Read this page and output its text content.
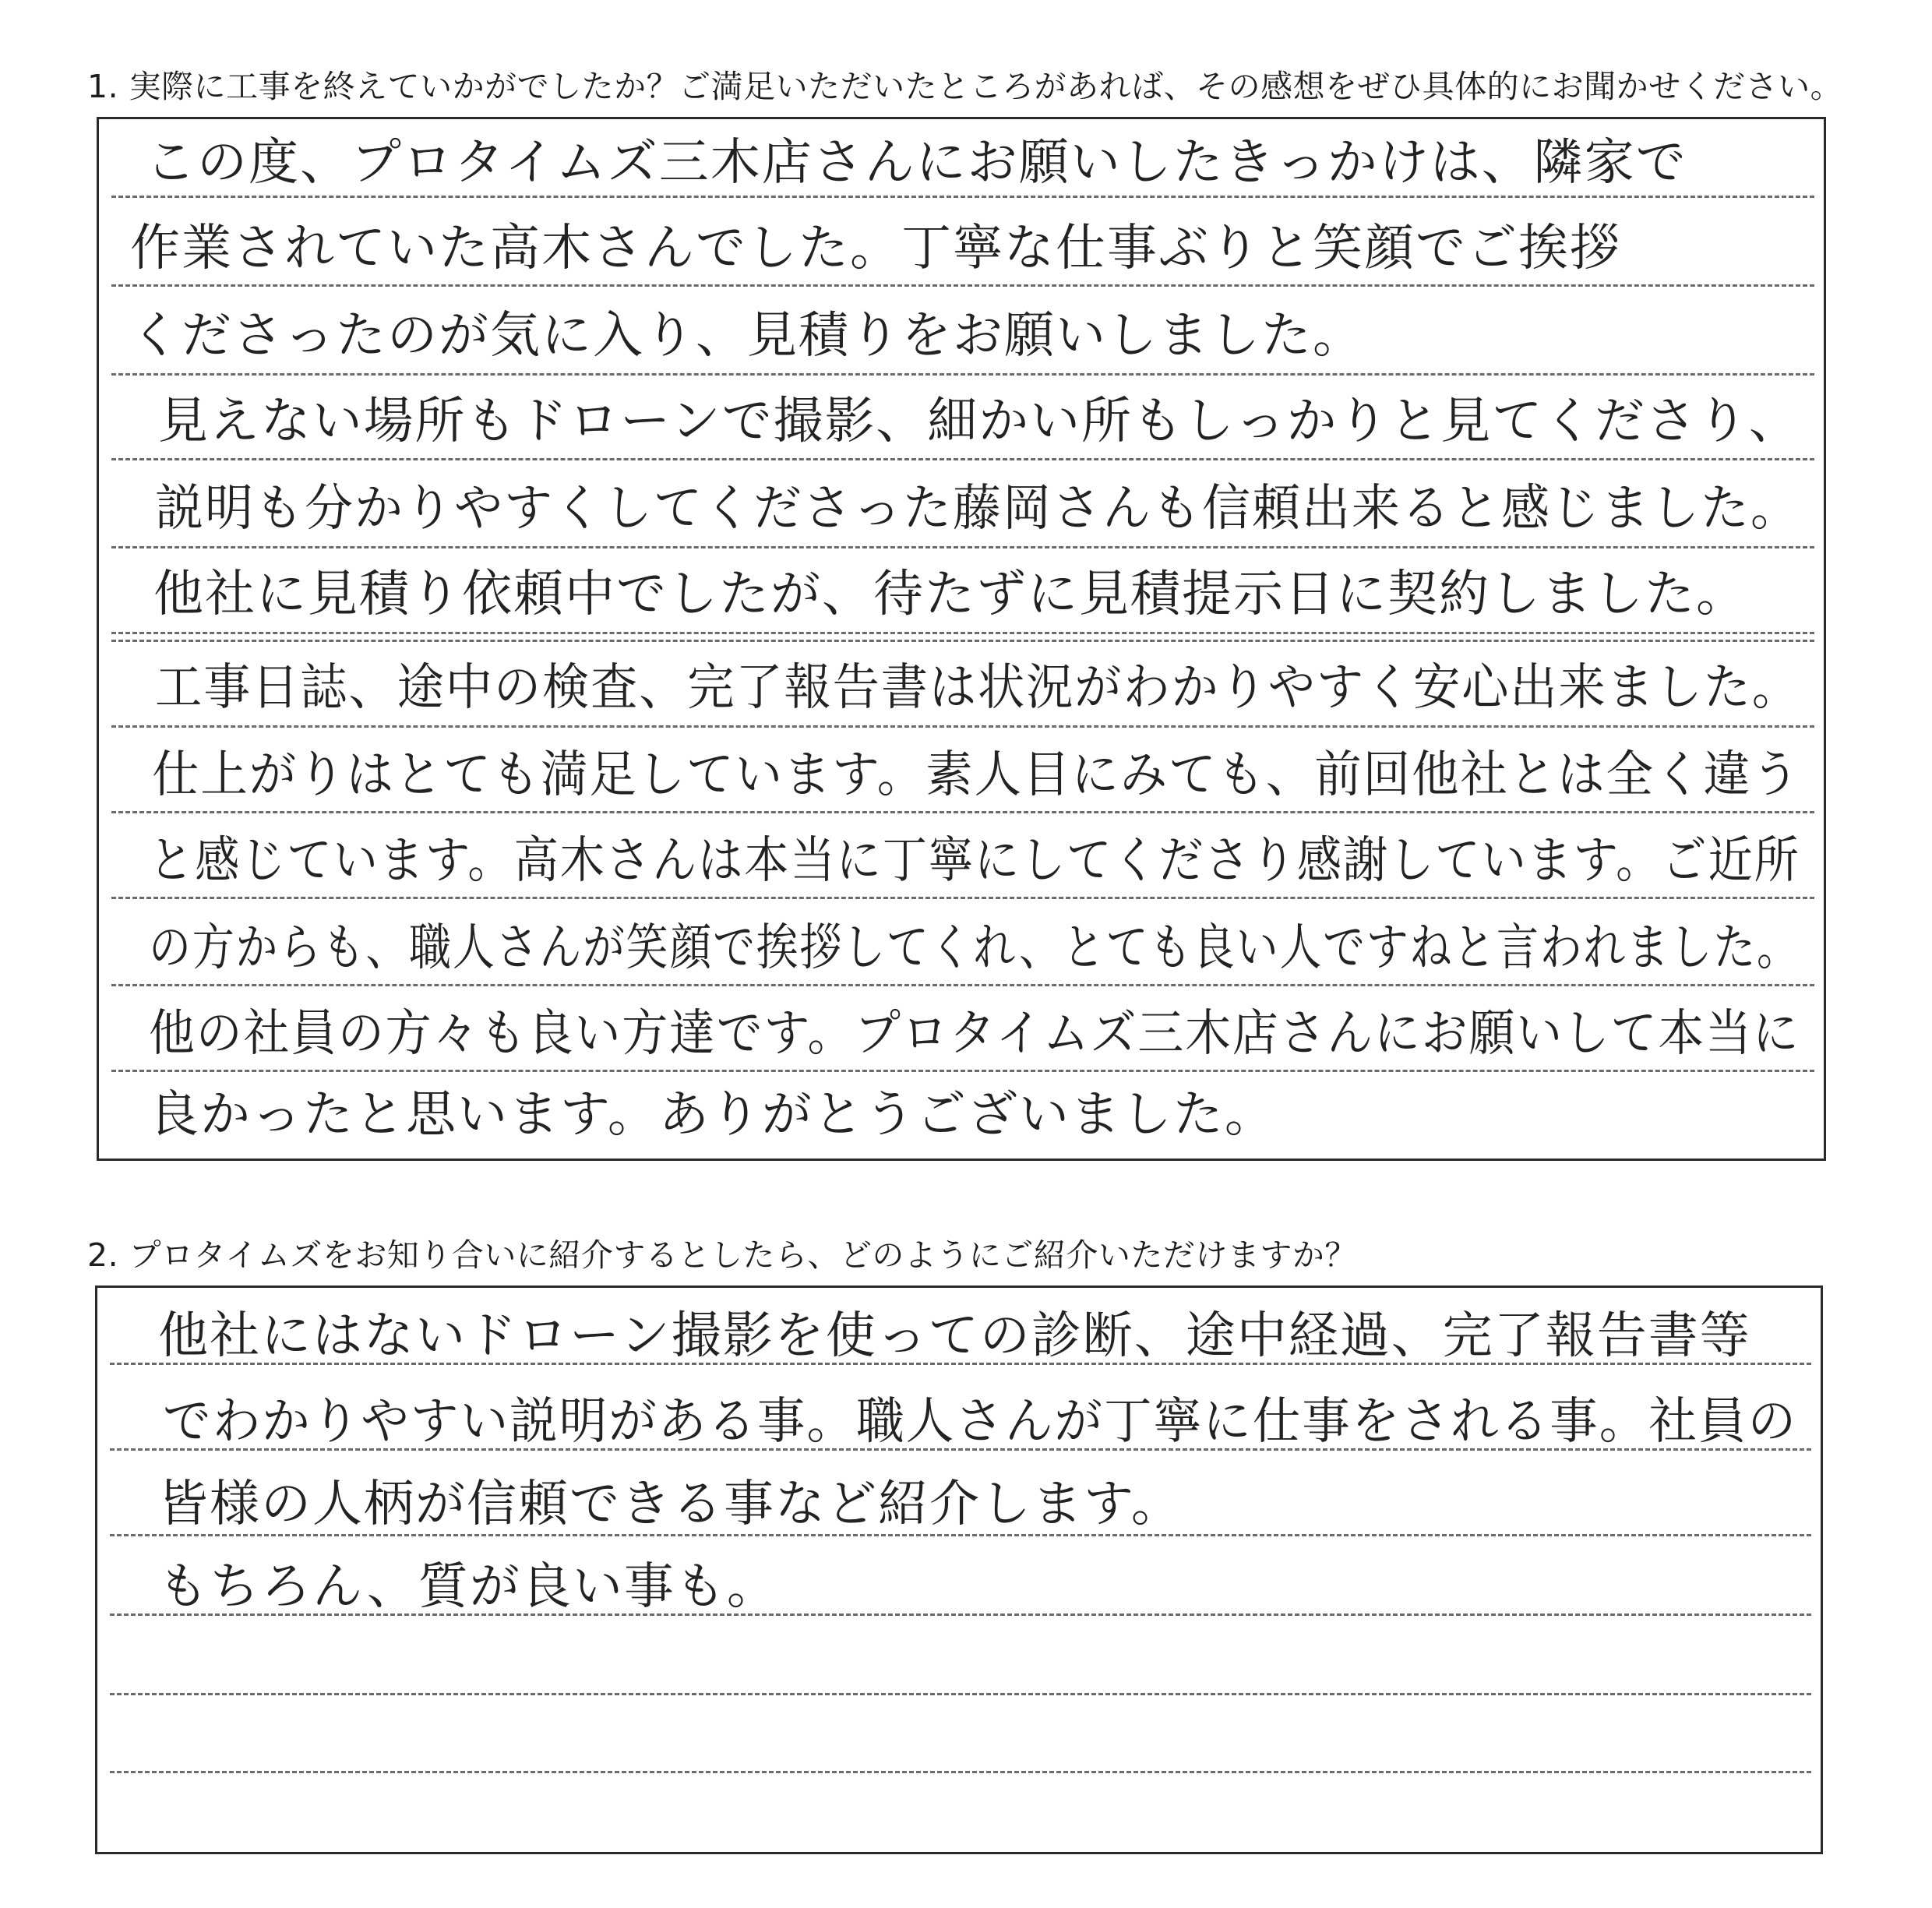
1. 実際に工事を終えていかがでしたか？ご満足いただいたところがあれば、その感想をぜひ具体的にお聞かせください。
この度、プロタイムズ三木店さんにお願いしたきっかけは、隣家で
作業されていた高木さんでした。丁寧な仕事ぶりと笑顔でご挨拶
くださったのが気に入り、見積りをお願いしました。
見えない場所もドローンで撮影、細かい所もしっかりと見てくださり、
説明も分かりやすくしてくださった藤岡さんも信頼出来ると感じました。
他社に見積り依頼中でしたが、待たずに見積提示日に契約しました。
工事日誌、途中の検査、完了報告書は状況がわかりやすく安心出来ました。
仕上がりはとても満足しています。素人目にみても、前回他社とは全く違う
と感じています。高木さんは本当に丁寧にしてくださり感謝しています。ご近所
の方からも、職人さんが笑顔で挨拶してくれ、とても良い人ですねと言われました。
他の社員の方々も良い方達です。プロタイムズ三木店さんにお願いして本当に
良かったと思います。ありがとうございました。
2. プロタイムズをお知り合いに紹介するとしたら、どのようにご紹介いただけますか？
他社にはないドローン撮影を使っての診断、途中経過、完了報告書等
でわかりやすい説明がある事。職人さんが丁寧に仕事をされる事。社員の
皆様の人柄が信頼できる事など紹介します。
もちろん、質が良い事も。
